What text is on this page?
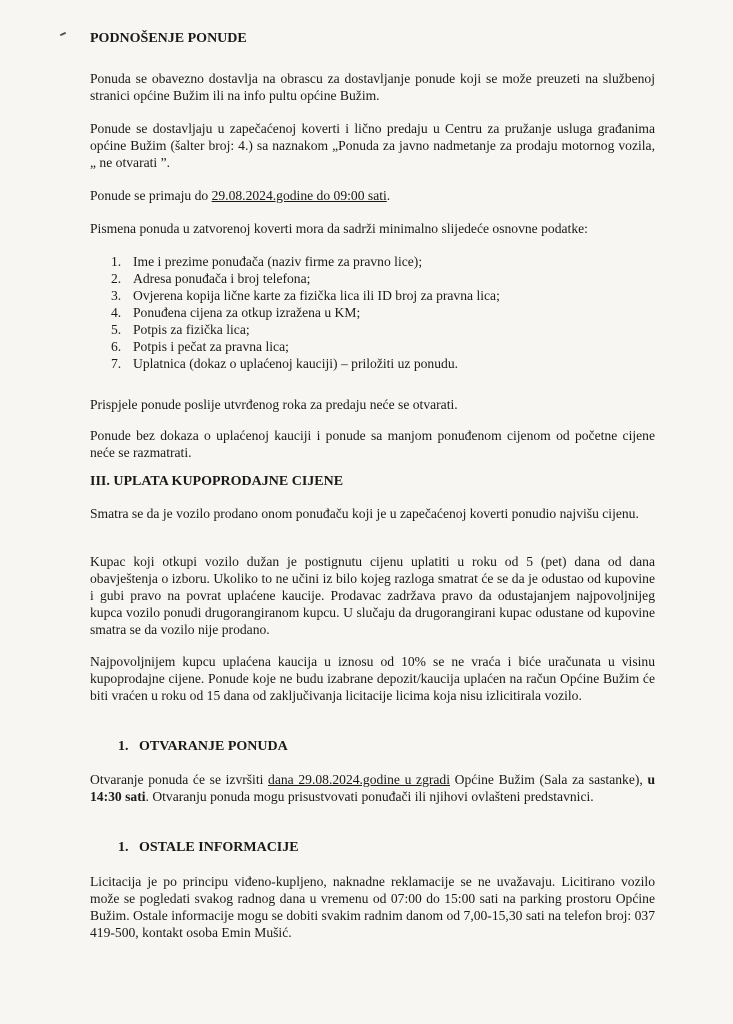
PODNOŠENJE PONUDE
Ponuda se obavezno dostavlja na obrascu za dostavljanje ponude koji se može preuzeti na službenoj stranici općine Bužim ili na info pultu općine Bužim.
Ponude se dostavljaju u zapečaćenoj koverti i lično predaju u Centru za pružanje usluga građanima općine Bužim (šalter broj: 4.) sa naznakom „Ponuda za javno nadmetanje za prodaju motornog vozila, „ ne otvarati ”.
Ponude se primaju do 29.08.2024.godine do 09:00 sati.
Pismena ponuda u zatvorenoj koverti mora da sadrži minimalno slijedeće osnovne podatke:
1. Ime i prezime ponuđača (naziv firme za pravno lice);
2. Adresa ponuđača i broj telefona;
3. Ovjerena kopija lične karte za fizička lica ili ID broj za pravna lica;
4. Ponuđena cijena za otkup izražena u KM;
5. Potpis za fizička lica;
6. Potpis i pečat za pravna lica;
7. Uplatnica (dokaz o uplaćenoj kauciji) – priložiti uz ponudu.
Prispjele ponude poslije utvrđenog roka za predaju neće se otvarati.
Ponude bez dokaza o uplaćenoj kauciji i ponude sa manjom ponuđenom cijenom od početne cijene neće se razmatrati.
III. UPLATA KUPOPRODAJNE CIJENE
Smatra se da je vozilo prodano onom ponuđaču koji je u zapečaćenoj koverti ponudio najvišu cijenu.
Kupac koji otkupi vozilo dužan je postignutu cijenu uplatiti u roku od 5 (pet) dana od dana obavještenja o izboru. Ukoliko to ne učini iz bilo kojeg razloga smatrat će se da je odustao od kupovine i gubi pravo na povrat uplaćene kaucije. Prodavac zadržava pravo da odustajanjem najpovoljnijeg kupca vozilo ponudi drugorangiranom kupcu. U slučaju da drugorangirani kupac odustane od kupovine smatra se da vozilo nije prodano.
Najpovoljnijem kupcu uplaćena kaucija u iznosu od 10% se ne vraća i biće uračunata u visinu kupoprodajne cijene. Ponude koje ne budu izabrane depozit/kaucija uplaćen na račun Općine Bužim će biti vraćen u roku od 15 dana od zaključivanja licitacije licima koja nisu izlicitirala vozilo.
1. OTVARANJE PONUDA
Otvaranje ponuda će se izvršiti dana 29.08.2024.godine u zgradi Općine Bužim (Sala za sastanke), u 14:30 sati. Otvaranju ponuda mogu prisustvovati ponuđači ili njihovi ovlašteni predstavnici.
1. OSTALE INFORMACIJE
Licitacija je po principu viđeno-kupljeno, naknadne reklamacije se ne uvažavaju. Licitirano vozilo može se pogledati svakog radnog dana u vremenu od 07:00 do 15:00 sati na parking prostoru Općine Bužim. Ostale informacije mogu se dobiti svakim radnim danom od 7,00-15,30 sati na telefon broj: 037 419-500, kontakt osoba Emin Mušić.
